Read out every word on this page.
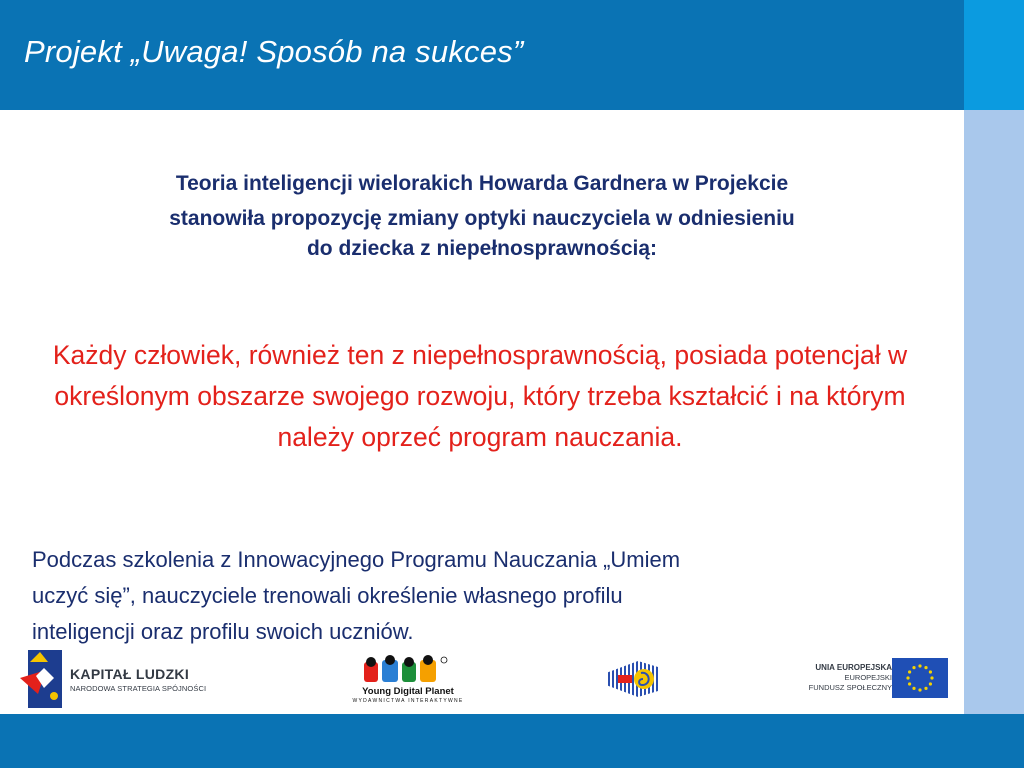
Projekt „Uwaga! Sposób na sukces”
Teoria inteligencji wielorakich Howarda Gardnera w Projekcie
stanowiła propozycję zmiany optyki nauczyciela w odniesieniu
do dziecka z niepełnosprawnością:
Każdy człowiek, również ten z niepełnosprawnością, posiada potencjał w określonym obszarze swojego rozwoju, który trzeba kształcić i na którym należy oprzeć program nauczania.
Podczas szkolenia z Innowacyjnego Programu Nauczania „Umiem
uczyć się”, nauczyciele trenowali określenie własnego profilu
inteligencji oraz profilu swoich uczniów.
KAPITAŁ LUDZKI
NARODOWA STRATEGIA SPÓJNOŚCI	Young Digital Planet
WYDAWNICTWA INTERAKTYWNE
UNIA EUROPEJSKA
EUROPEJSKI
FUNDUSZ SPOŁECZNY
